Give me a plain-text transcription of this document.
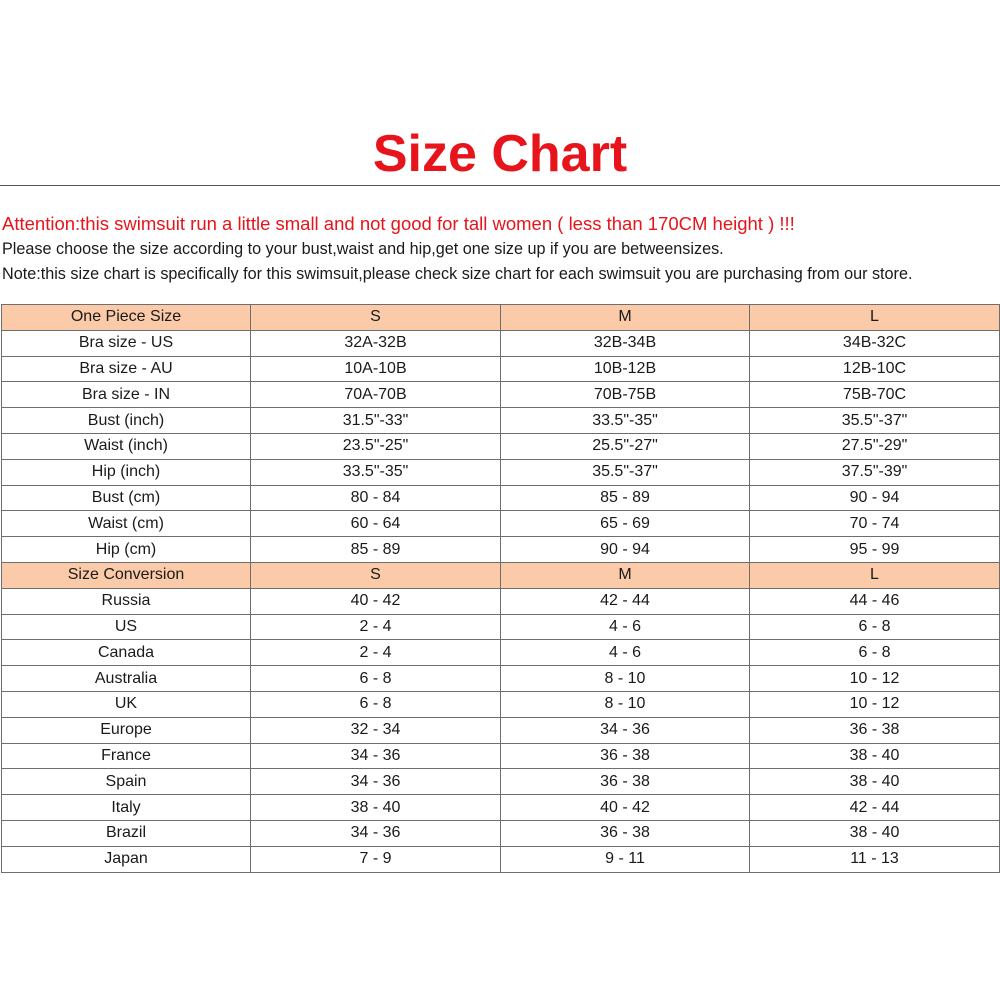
Size Chart
Attention:this swimsuit run a little small and not good for tall women ( less than 170CM height ) !!!
Please choose the size according to your bust,waist and hip,get one size up if you are betweensizes.
Note:this size chart is specifically for this swimsuit,please check size chart for each swimsuit you are purchasing from our store.
One Piece Size	S	M	L
Bra size - US	32A-32B	32B-34B	34B-32C
Bra size - AU	10A-10B	10B-12B	12B-10C
Bra size - IN	70A-70B	70B-75B	75B-70C
Bust (inch)	31.5"-33"	33.5"-35"	35.5"-37"
Waist (inch)	23.5"-25"	25.5"-27"	27.5"-29"
Hip (inch)	33.5"-35"	35.5"-37"	37.5"-39"
Bust (cm)	80 - 84	85 - 89	90 - 94
Waist (cm)	60 - 64	65 - 69	70 - 74
Hip (cm)	85 - 89	90 - 94	95 - 99
Size Conversion	S	M	L
Russia	40 - 42	42 - 44	44 - 46
US	2 - 4	4 - 6	6 - 8
Canada	2 - 4	4 - 6	6 - 8
Australia	6 - 8	8 - 10	10 - 12
UK	6 - 8	8 - 10	10 - 12
Europe	32 - 34	34 - 36	36 - 38
France	34 - 36	36 - 38	38 - 40
Spain	34 - 36	36 - 38	38 - 40
Italy	38 - 40	40 - 42	42 - 44
Brazil	34 - 36	36 - 38	38 - 40
Japan	7 - 9	9 - 11	11 - 13
